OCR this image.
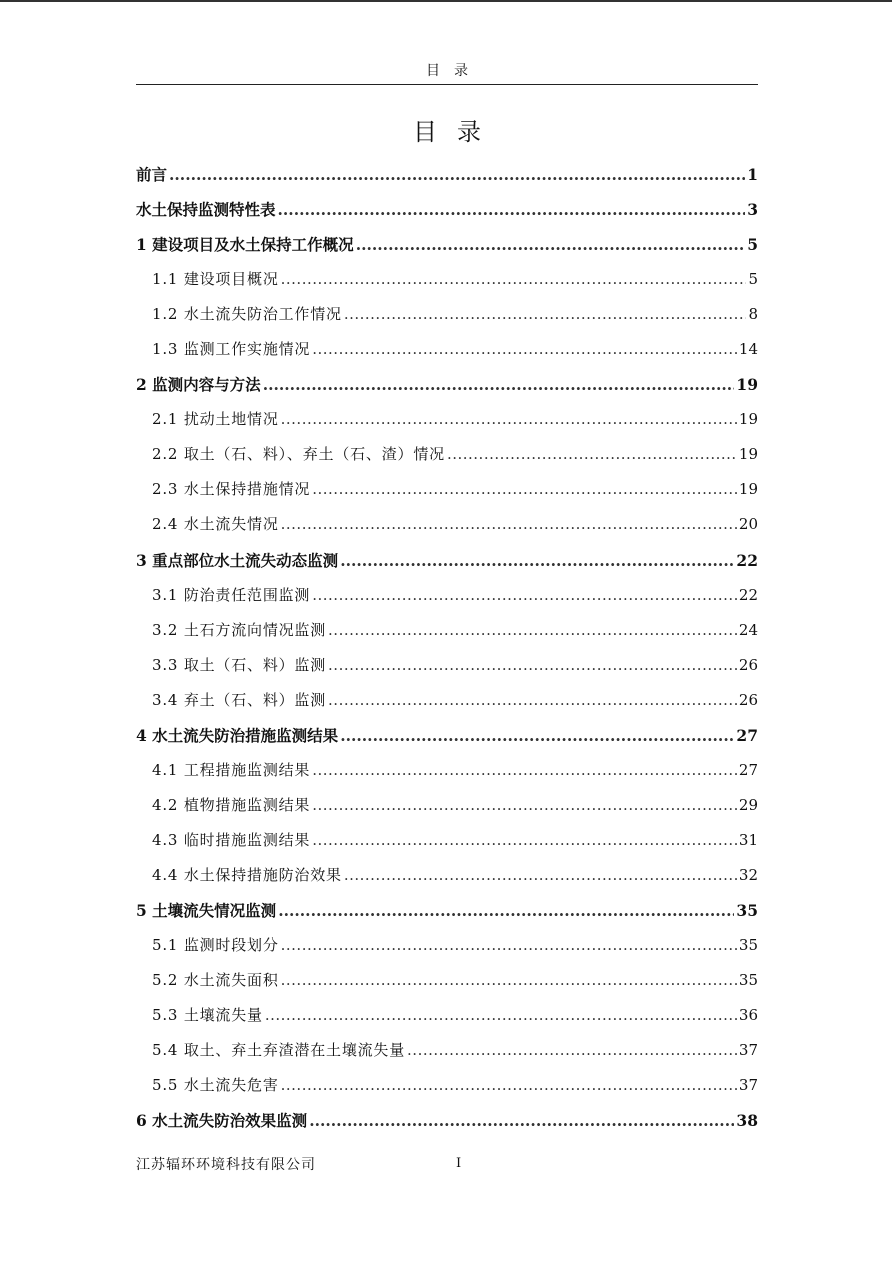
目录
目录
前言 .....	1
水土保持监测特性表 .....	3
1 建设项目及水土保持工作概况 .....	5
1.1 建设项目概况 .....	5
1.2 水土流失防治工作情况 .....	8
1.3 监测工作实施情况 .....	14
2 监测内容与方法 .....	19
2.1 扰动土地情况 .....	19
2.2 取土（石、料）、弃土（石、渣）情况 .....	19
2.3 水土保持措施情况 .....	19
2.4 水土流失情况 .....	20
3 重点部位水土流失动态监测 .....	22
3.1 防治责任范围监测 .....	22
3.2 土石方流向情况监测 .....	24
3.3 取土（石、料）监测 .....	26
3.4 弃土（石、料）监测 .....	26
4 水土流失防治措施监测结果 .....	27
4.1 工程措施监测结果 .....	27
4.2 植物措施监测结果 .....	29
4.3 临时措施监测结果 .....	31
4.4 水土保持措施防治效果 .....	32
5 土壤流失情况监测 .....	35
5.1 监测时段划分 .....	35
5.2 水土流失面积 .....	35
5.3 土壤流失量 .....	36
5.4 取土、弃土弃渣潜在土壤流失量 .....	37
5.5 水土流失危害 .....	37
6 水土流失防治效果监测 .....	38
江苏辐环环境科技有限公司	I
